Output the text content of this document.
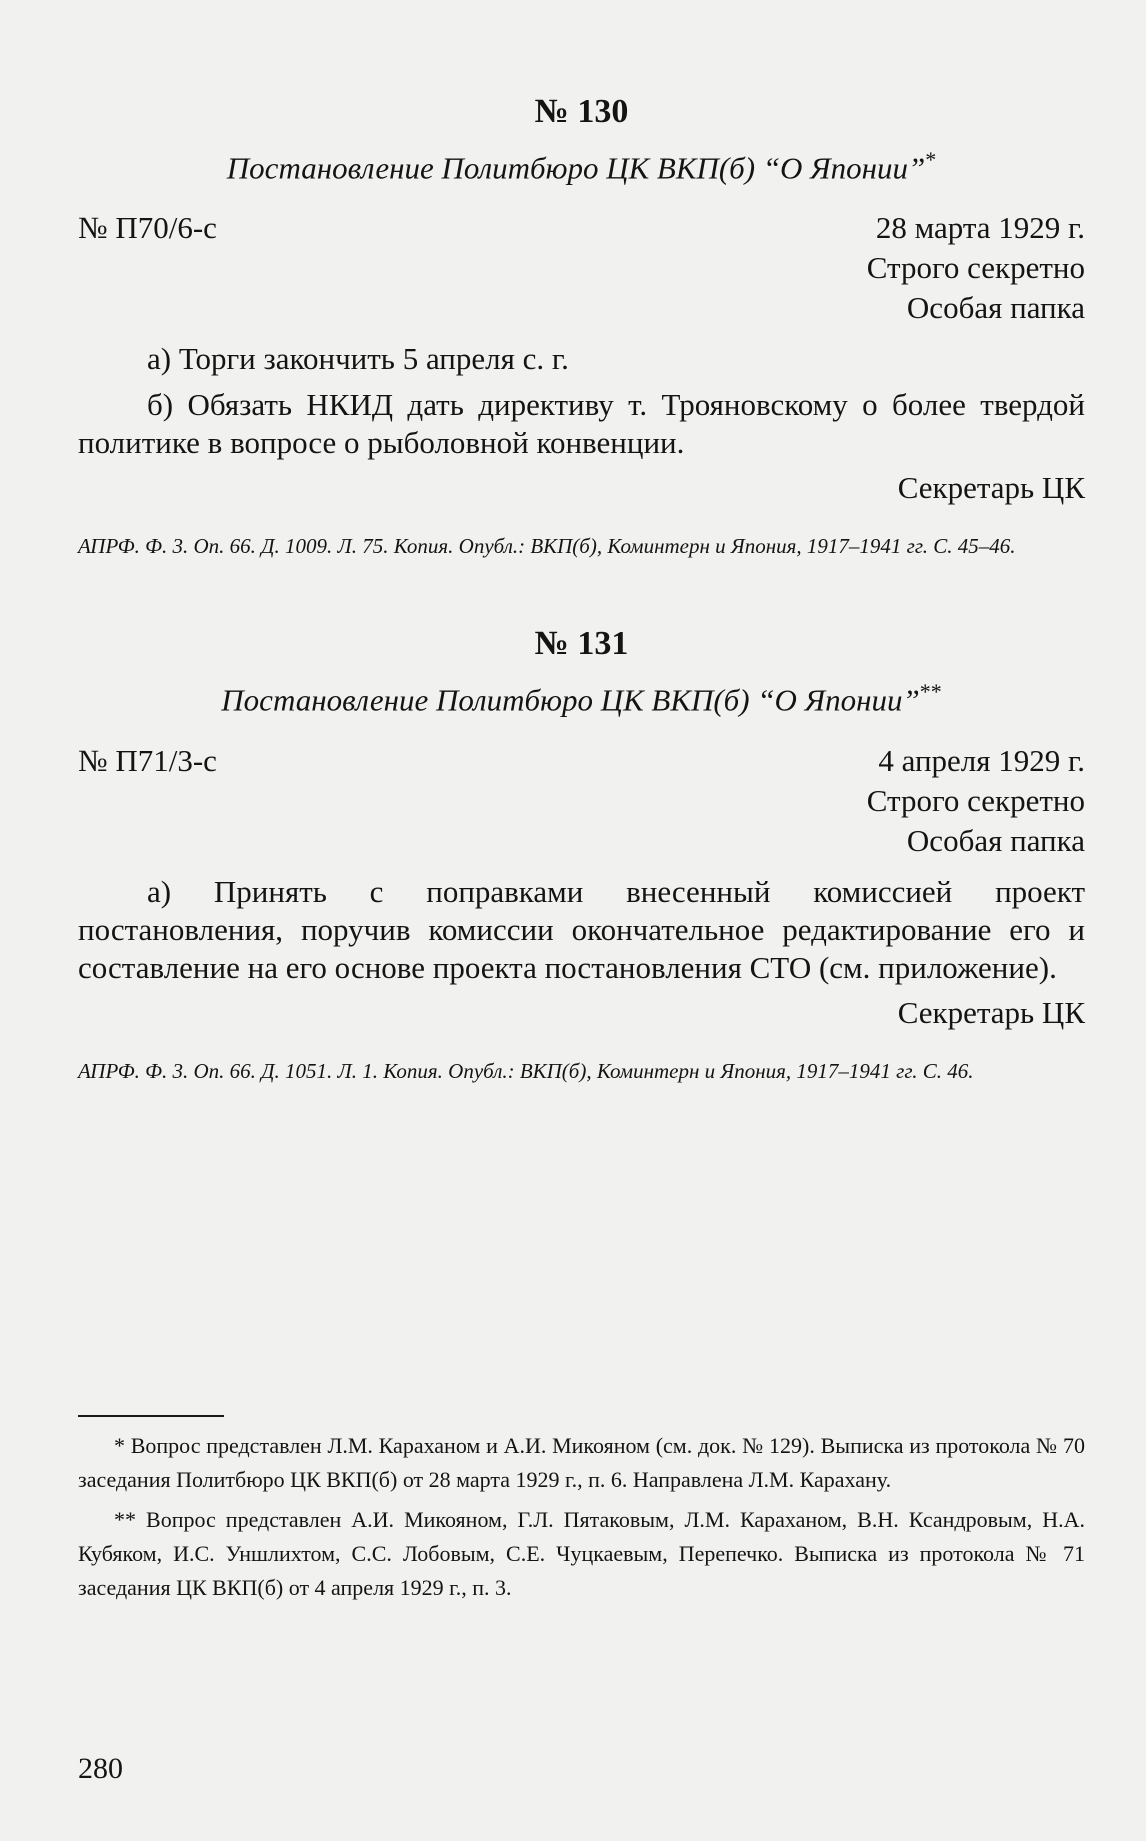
№ 130
Постановление Политбюро ЦК ВКП(б) “О Японии”*
№ П70/6-с	28 марта 1929 г.
Строго секретно
Особая папка

а) Торги закончить 5 апреля с. г.

б) Обязать НКИД дать директиву т. Трояновскому о более твердой политике в вопросе о рыболовной конвенции.

Секретарь ЦК
АПРФ. Ф. 3. Оп. 66. Д. 1009. Л. 75. Копия. Опубл.: ВКП(б), Коминтерн и Япония, 1917–1941 гг. С. 45–46.
№ 131
Постановление Политбюро ЦК ВКП(б) “О Японии”**
№ П71/3-с	4 апреля 1929 г.
Строго секретно
Особая папка

а) Принять с поправками внесенный комиссией проект постановления, поручив комиссии окончательное редактирование его и составление на его основе проекта постановления СТО (см. приложение).

Секретарь ЦК
АПРФ. Ф. 3. Оп. 66. Д. 1051. Л. 1. Копия. Опубл.: ВКП(б), Коминтерн и Япония, 1917–1941 гг. С. 46.

* Вопрос представлен Л.М. Караханом и А.И. Микояном (см. док. № 129). Выписка из протокола № 70 заседания Политбюро ЦК ВКП(б) от 28 марта 1929 г., п. 6. Направлена Л.М. Карахану.

** Вопрос представлен А.И. Микояном, Г.Л. Пятаковым, Л.М. Караханом, В.Н. Ксандровым, Н.А. Кубяком, И.С. Уншлихтом, С.С. Лобовым, С.Е. Чуцкаевым, Перепечко. Выписка из протокола № 71 заседания ЦК ВКП(б) от 4 апреля 1929 г., п. 3.

280
